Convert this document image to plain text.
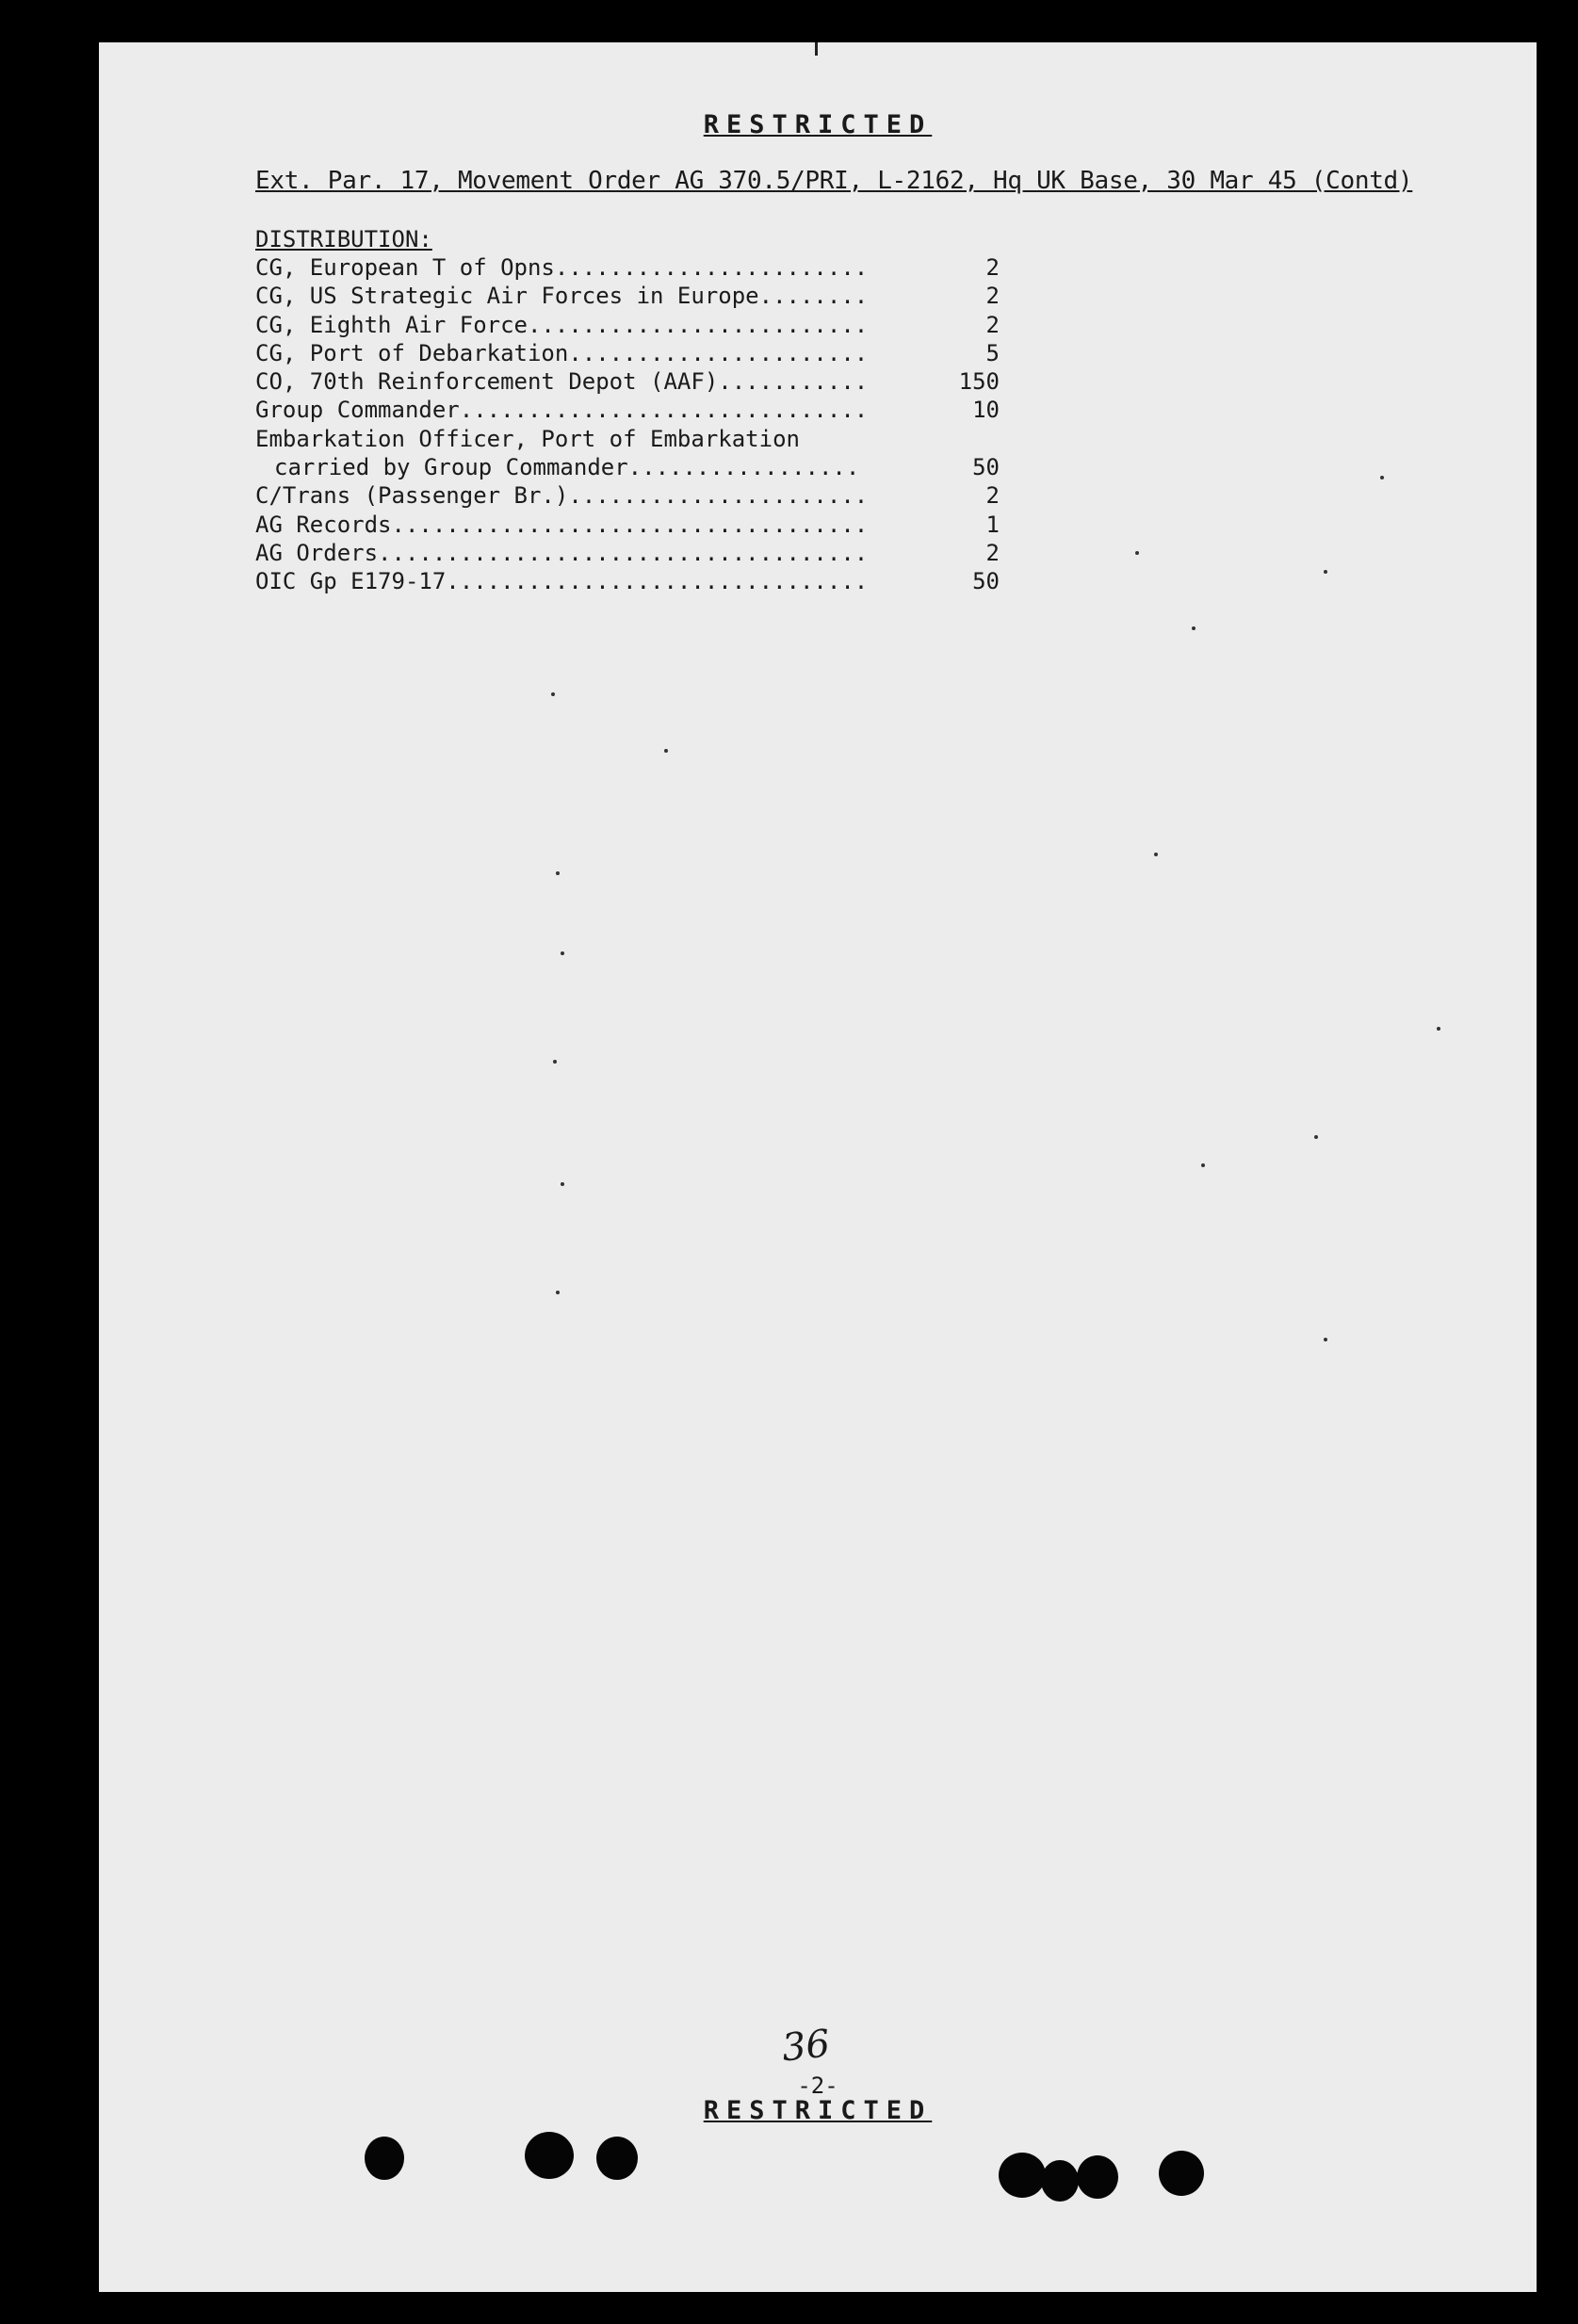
RESTRICTED
Ext. Par. 17, Movement Order AG 370.5/PRI, L-2162, Hq UK Base, 30 Mar 45 (Contd)
DISTRIBUTION:
CG, European T of Opns.......................	2
CG, US Strategic Air Forces in Europe........	2
CG, Eighth Air Force.........................	2
CG, Port of Debarkation......................	5
CO, 70th Reinforcement Depot (AAF)...........	150
Group Commander..............................	10
Embarkation Officer, Port of Embarkation
carried by Group Commander.................	50
C/Trans (Passenger Br.)......................	2
AG Records...................................	1
AG Orders....................................	2
OIC Gp E179-17...............................	50
36
-2-
RESTRICTED
